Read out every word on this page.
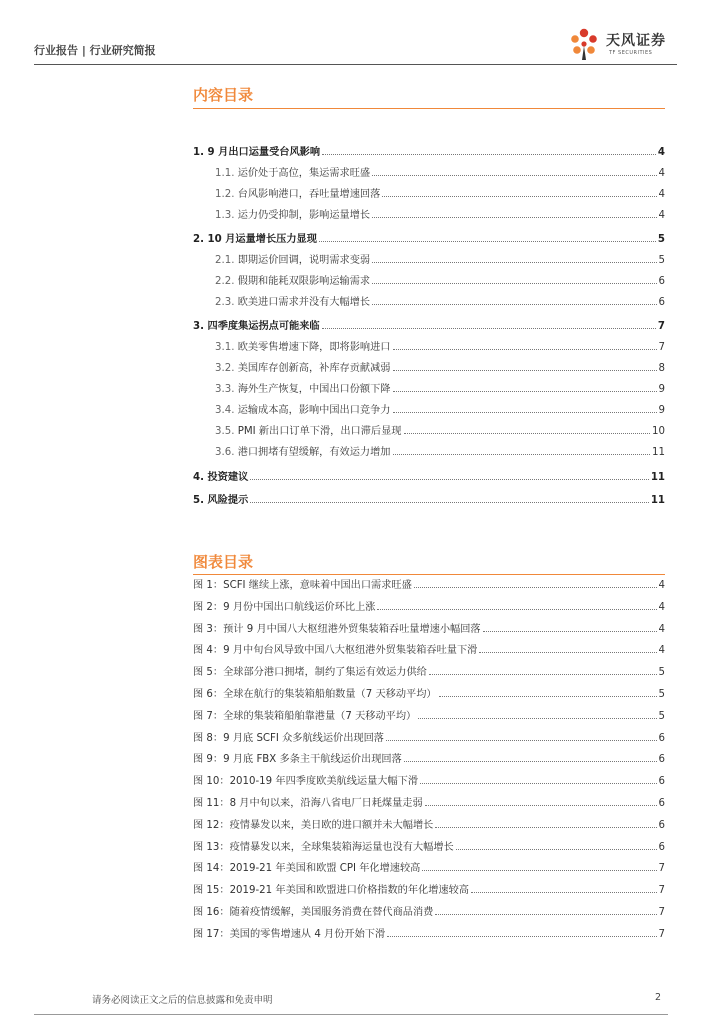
行业报告 | 行业研究简报
天风证券
TF SECURITIES
内容目录
1. 9 月出口运量受台风影响	4
1.1. 运价处于高位，集运需求旺盛	4
1.2. 台风影响港口，吞吐量增速回落	4
1.3. 运力仍受抑制，影响运量增长	4
2. 10 月运量增长压力显现	5
2.1. 即期运价回调，说明需求变弱	5
2.2. 假期和能耗双限影响运输需求	6
2.3. 欧美进口需求并没有大幅增长	6
3. 四季度集运拐点可能来临	7
3.1. 欧美零售增速下降，即将影响进口	7
3.2. 美国库存创新高，补库存贡献减弱	8
3.3. 海外生产恢复，中国出口份额下降	9
3.4. 运输成本高，影响中国出口竞争力	9
3.5. PMI 新出口订单下滑，出口滞后显现	10
3.6. 港口拥堵有望缓解，有效运力增加	11
4. 投资建议	11
5. 风险提示	11
图表目录
图 1： SCFI 继续上涨，意味着中国出口需求旺盛	4
图 2： 9 月份中国出口航线运价环比上涨	4
图 3： 预计 9 月中国八大枢纽港外贸集装箱吞吐量增速小幅回落	4
图 4： 9 月中旬台风导致中国八大枢纽港外贸集装箱吞吐量下滑	4
图 5： 全球部分港口拥堵，制约了集运有效运力供给	5
图 6： 全球在航行的集装箱船舶数量（7 天移动平均）	5
图 7： 全球的集装箱船舶靠港量（7 天移动平均）	5
图 8： 9 月底 SCFI 众多航线运价出现回落	6
图 9： 9 月底 FBX 多条主干航线运价出现回落	6
图 10： 2010-19 年四季度欧美航线运量大幅下滑	6
图 11： 8 月中旬以来，沿海八省电厂日耗煤量走弱	6
图 12： 疫情暴发以来，美日欧的进口额并未大幅增长	6
图 13： 疫情暴发以来，全球集装箱海运量也没有大幅增长	6
图 14： 2019-21 年美国和欧盟 CPI 年化增速较高	7
图 15： 2019-21 年美国和欧盟进口价格指数的年化增速较高	7
图 16： 随着疫情缓解，美国服务消费在替代商品消费	7
图 17： 美国的零售增速从 4 月份开始下滑	7
请务必阅读正文之后的信息披露和免责申明	2
